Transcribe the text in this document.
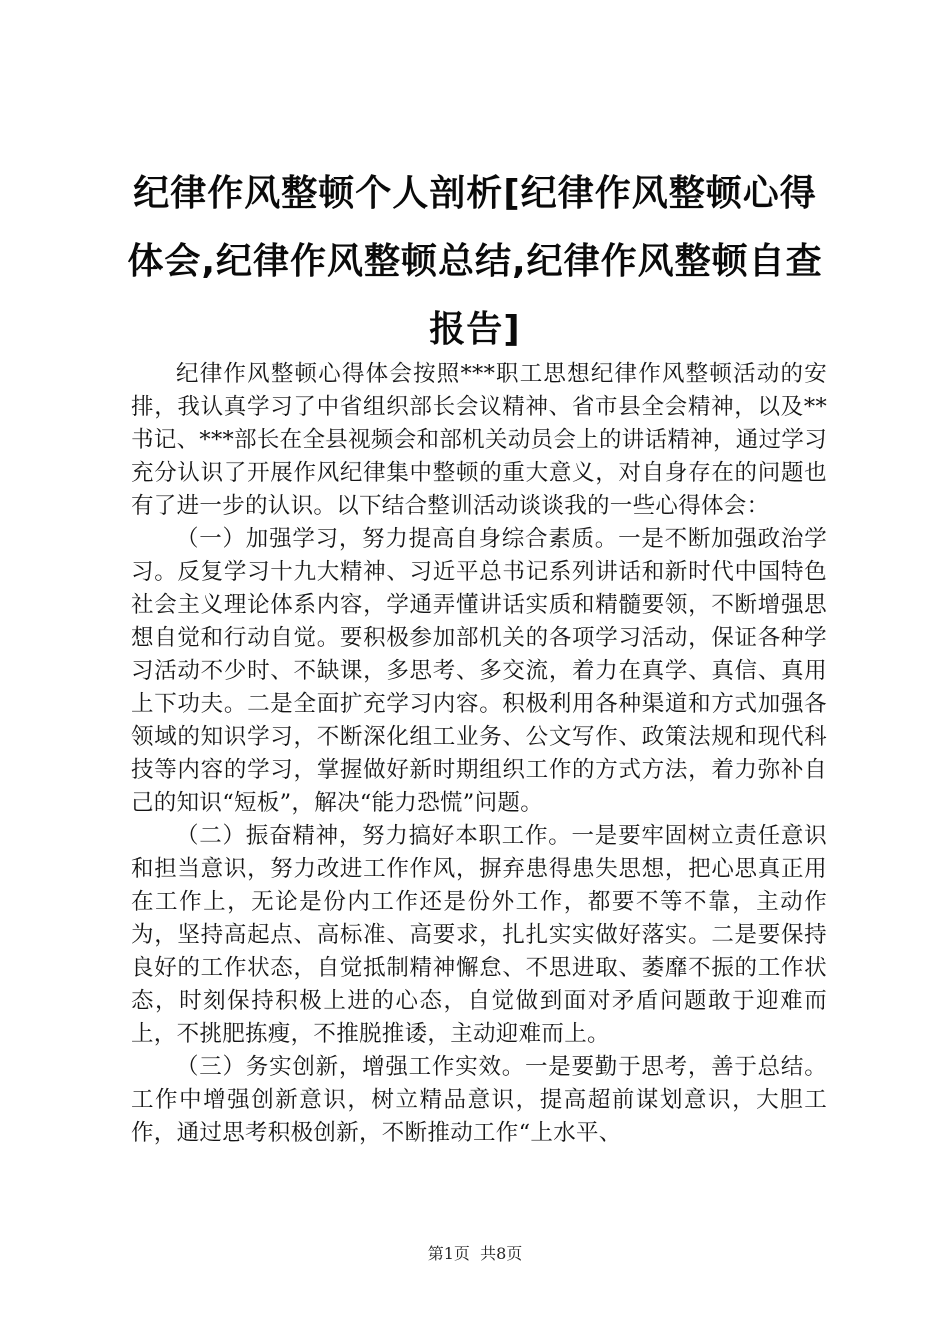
纪律作风整顿个人剖析[纪律作风整顿心得体会,纪律作风整顿总结,纪律作风整顿自查报告]

纪律作风整顿心得体会按照***职工思想纪律作风整顿活动的安排，我认真学习了中省组织部长会议精神、省市县全会精神，以及**书记、***部长在全县视频会和部机关动员会上的讲话精神，通过学习充分认识了开展作风纪律集中整顿的重大意义，对自身存在的问题也有了进一步的认识。以下结合整训活动谈谈我的一些心得体会：

（一）加强学习，努力提高自身综合素质。一是不断加强政治学习。反复学习十九大精神、习近平总书记系列讲话和新时代中国特色社会主义理论体系内容，学通弄懂讲话实质和精髓要领，不断增强思想自觉和行动自觉。要积极参加部机关的各项学习活动，保证各种学习活动不少时、不缺课，多思考、多交流，着力在真学、真信、真用上下功夫。二是全面扩充学习内容。积极利用各种渠道和方式加强各领域的知识学习，不断深化组工业务、公文写作、政策法规和现代科技等内容的学习，掌握做好新时期组织工作的方式方法，着力弥补自己的知识“短板”，解决“能力恐慌”问题。

（二）振奋精神，努力搞好本职工作。一是要牢固树立责任意识和担当意识，努力改进工作作风，摒弃患得患失思想，把心思真正用在工作上，无论是份内工作还是份外工作，都要不等不靠，主动作为，坚持高起点、高标准、高要求，扎扎实实做好落实。二是要保持良好的工作状态，自觉抵制精神懈怠、不思进取、萎靡不振的工作状态，时刻保持积极上进的心态，自觉做到面对矛盾问题敢于迎难而上，不挑肥拣瘦，不推脱推诿，主动迎难而上。

（三）务实创新，增强工作实效。一是要勤于思考，善于总结。工作中增强创新意识，树立精品意识，提高超前谋划意识，大胆工作，通过思考积极创新，不断推动工作“上水平、

第1页 共8页
